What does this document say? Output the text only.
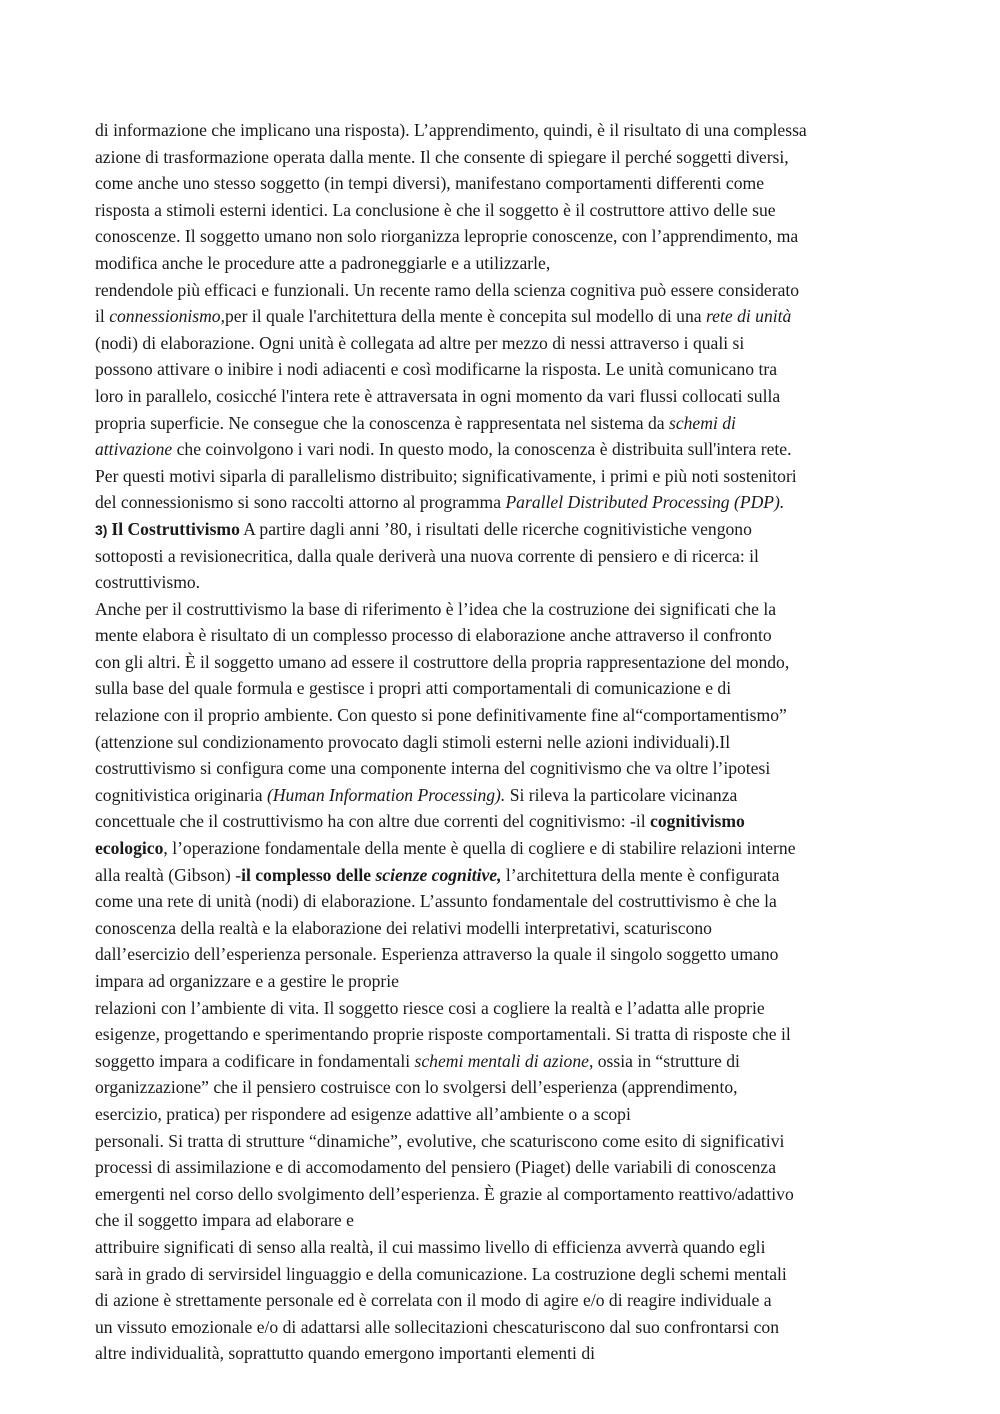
di informazione che implicano una risposta). L’apprendimento, quindi, è il risultato di una complessa
azione di trasformazione operata dalla mente. Il che consente di spiegare il perché soggetti diversi,
come anche uno stesso soggetto (in tempi diversi), manifestano comportamenti differenti come
risposta a stimoli esterni identici. La conclusione è che il soggetto è il costruttore attivo delle sue
conoscenze. Il soggetto umano non solo riorganizza leproprie conoscenze, con l’apprendimento, ma
modifica anche le procedure atte a padroneggiarle e a utilizzarle,
rendendole più efficaci e funzionali. Un recente ramo della scienza cognitiva può essere considerato
il connessionismo,per il quale l'architettura della mente è concepita sul modello di una rete di unità
(nodi) di elaborazione. Ogni unità è collegata ad altre per mezzo di nessi attraverso i quali si
possono attivare o inibire i nodi adiacenti e così modificarne la risposta. Le unità comunicano tra
loro in parallelo, cosicché l'intera rete è attraversata in ogni momento da vari flussi collocati sulla
propria superficie. Ne consegue che la conoscenza è rappresentata nel sistema da schemi di
attivazione che coinvolgono i vari nodi. In questo modo, la conoscenza è distribuita sull'intera rete.
Per questi motivi siparla di parallelismo distribuito; significativamente, i primi e più noti sostenitori
del connessionismo si sono raccolti attorno al programma Parallel Distributed Processing (PDP).
3) Il Costruttivismo A partire dagli anni ’80, i risultati delle ricerche cognitivistiche vengono
sottoposti a revisionecritica, dalla quale deriverà una nuova corrente di pensiero e di ricerca: il
costruttivismo.
Anche per il costruttivismo la base di riferimento è l’idea che la costruzione dei significati che la
mente elabora è risultato di un complesso processo di elaborazione anche attraverso il confronto
con gli altri. È il soggetto umano ad essere il costruttore della propria rappresentazione del mondo,
sulla base del quale formula e gestisce i propri atti comportamentali di comunicazione e di
relazione con il proprio ambiente. Con questo si pone definitivamente fine al“comportamentismo”
(attenzione sul condizionamento provocato dagli stimoli esterni nelle azioni individuali).Il
costruttivismo si configura come una componente interna del cognitivismo che va oltre l’ipotesi
cognitivistica originaria (Human Information Processing). Si rileva la particolare vicinanza
concettuale che il costruttivismo ha con altre due correnti del cognitivismo: -il cognitivismo
ecologico, l’operazione fondamentale della mente è quella di cogliere e di stabilire relazioni interne
alla realtà (Gibson) -il complesso delle scienze cognitive, l’architettura della mente è configurata
come una rete di unità (nodi) di elaborazione. L’assunto fondamentale del costruttivismo è che la
conoscenza della realtà e la elaborazione dei relativi modelli interpretativi, scaturiscono
dall’esercizio dell’esperienza personale. Esperienza attraverso la quale il singolo soggetto umano
impara ad organizzare e a gestire le proprie
relazioni con l’ambiente di vita. Il soggetto riesce cosi a cogliere la realtà e l’adatta alle proprie
esigenze, progettando e sperimentando proprie risposte comportamentali. Si tratta di risposte che il
soggetto impara a codificare in fondamentali schemi mentali di azione, ossia in “strutture di
organizzazione” che il pensiero costruisce con lo svolgersi dell’esperienza (apprendimento,
esercizio, pratica) per rispondere ad esigenze adattive all’ambiente o a scopi
personali. Si tratta di strutture “dinamiche”, evolutive, che scaturiscono come esito di significativi
processi di assimilazione e di accomodamento del pensiero (Piaget) delle variabili di conoscenza
emergenti nel corso dello svolgimento dell’esperienza. È grazie al comportamento reattivo/adattivo
che il soggetto impara ad elaborare e
attribuire significati di senso alla realtà, il cui massimo livello di efficienza avverrà quando egli
sarà in grado di servirsidel linguaggio e della comunicazione. La costruzione degli schemi mentali
di azione è strettamente personale ed è correlata con il modo di agire e/o di reagire individuale a
un vissuto emozionale e/o di adattarsi alle sollecitazioni chescaturiscono dal suo confrontarsi con
altre individualità, soprattutto quando emergono importanti elementi di
